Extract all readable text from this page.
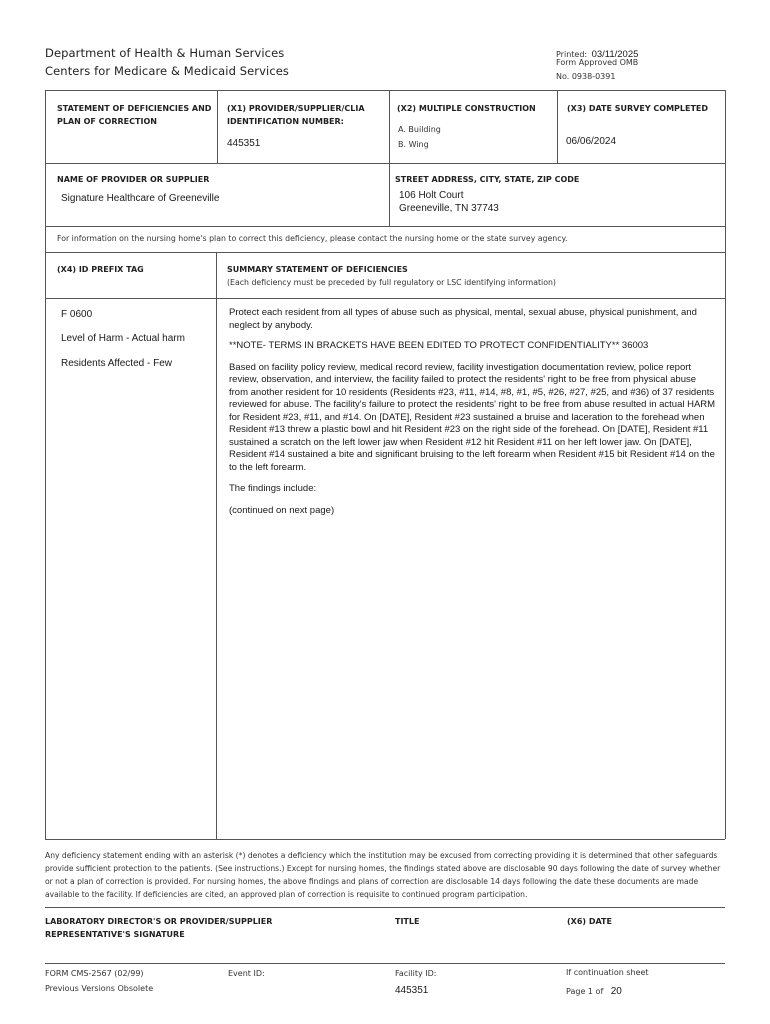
Department of Health & Human Services
Centers for Medicare & Medicaid Services
Printed: 03/11/2025
Form Approved OMB
No. 0938-0391
STATEMENT OF DEFICIENCIES AND PLAN OF CORRECTION
(X1) PROVIDER/SUPPLIER/CLIA IDENTIFICATION NUMBER:
445351
(X2) MULTIPLE CONSTRUCTION
A. Building
B. Wing
(X3) DATE SURVEY COMPLETED
06/06/2024
NAME OF PROVIDER OR SUPPLIER
Signature Healthcare of Greeneville
STREET ADDRESS, CITY, STATE, ZIP CODE
106 Holt Court
Greeneville, TN 37743
For information on the nursing home's plan to correct this deficiency, please contact the nursing home or the state survey agency.
(X4) ID PREFIX TAG	SUMMARY STATEMENT OF DEFICIENCIES
(Each deficiency must be preceded by full regulatory or LSC identifying information)
F 0600
Level of Harm - Actual harm
Residents Affected - Few
Protect each resident from all types of abuse such as physical, mental, sexual abuse, physical punishment, and neglect by anybody.
**NOTE- TERMS IN BRACKETS HAVE BEEN EDITED TO PROTECT CONFIDENTIALITY** 36003
Based on facility policy review, medical record review, facility investigation documentation review, police report review, observation, and interview, the facility failed to protect the residents' right to be free from physical abuse from another resident for 10 residents (Residents #23, #11, #14, #8, #1, #5, #26, #27, #25, and #36) of 37 residents reviewed for abuse. The facility's failure to protect the residents' right to be free from abuse resulted in actual HARM for Resident #23, #11, and #14. On [DATE], Resident #23 sustained a bruise and laceration to the forehead when Resident #13 threw a plastic bowl and hit Resident #23 on the right side of the forehead. On [DATE], Resident #11 sustained a scratch on the left lower jaw when Resident #12 hit Resident #11 on her left lower jaw. On [DATE], Resident #14 sustained a bite and significant bruising to the left forearm when Resident #15 bit Resident #14 on the to the left forearm.
The findings include:
(continued on next page)
Any deficiency statement ending with an asterisk (*) denotes a deficiency which the institution may be excused from correcting providing it is determined that other safeguards provide sufficient protection to the patients. (See instructions.) Except for nursing homes, the findings stated above are disclosable 90 days following the date of survey whether or not a plan of correction is provided. For nursing homes, the above findings and plans of correction are disclosable 14 days following the date these documents are made available to the facility. If deficiencies are cited, an approved plan of correction is requisite to continued program participation.
LABORATORY DIRECTOR'S OR PROVIDER/SUPPLIER REPRESENTATIVE'S SIGNATURE
TITLE	(X6) DATE
FORM CMS-2567 (02/99)
Previous Versions Obsolete
Event ID:	Facility ID:
445351
If continuation sheet
Page 1 of 20
